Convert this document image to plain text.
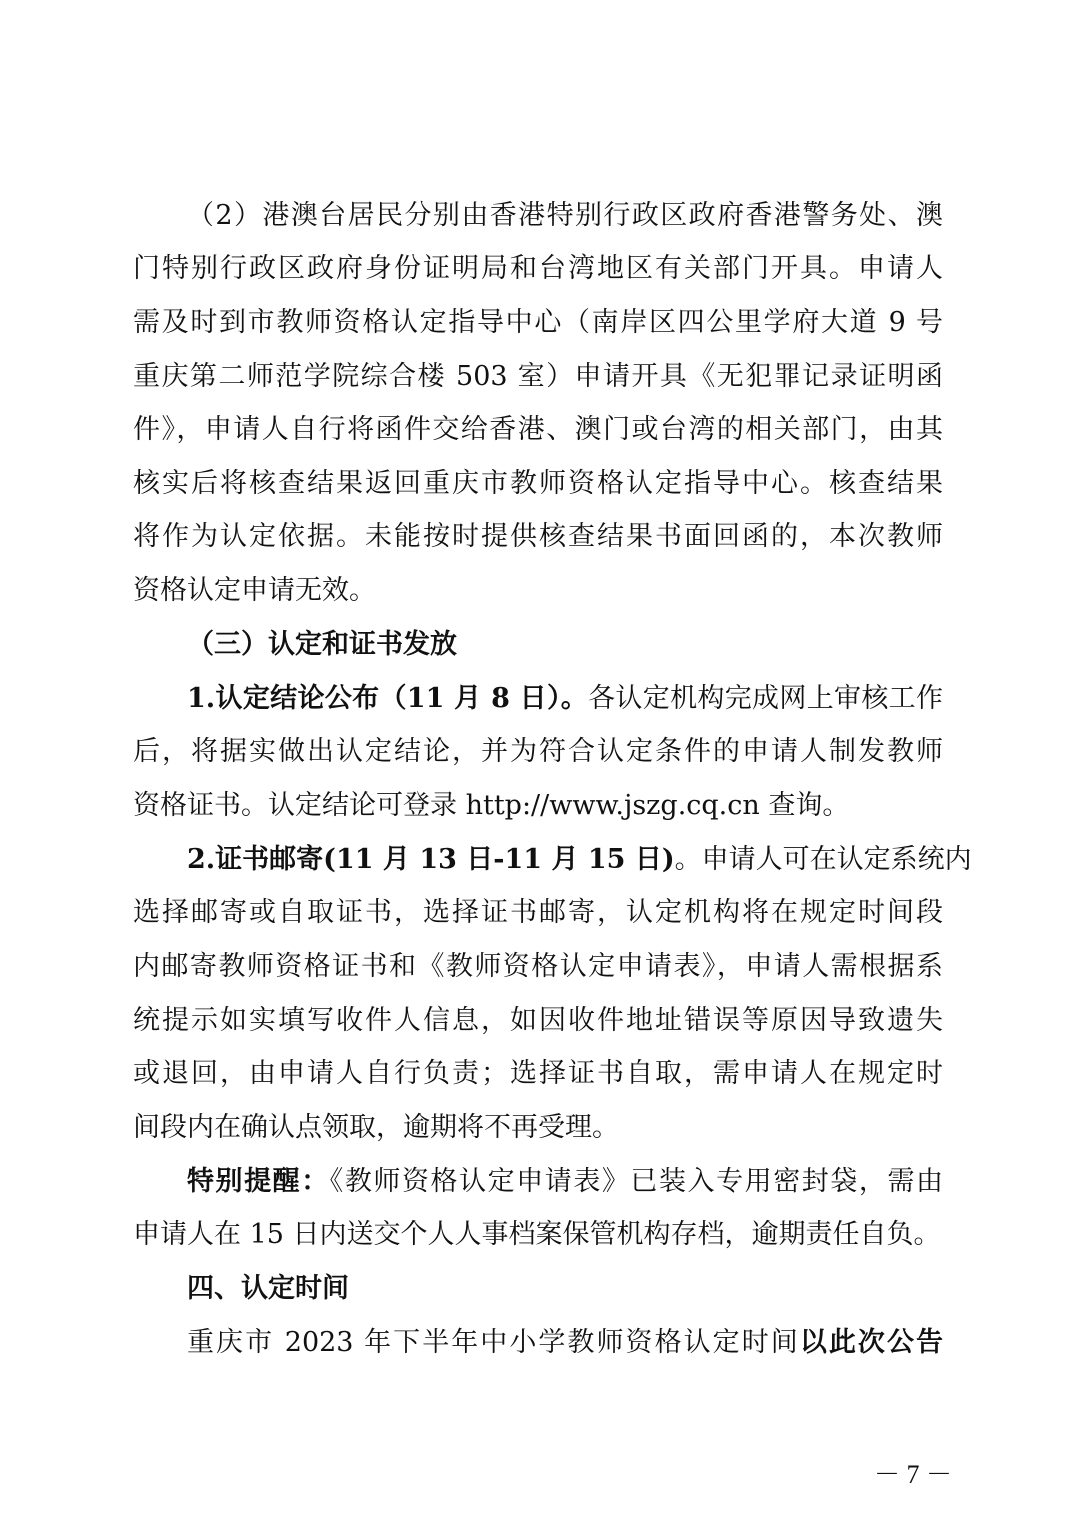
（2）港澳台居民分别由香港特别行政区政府香港警务处、澳
门特别行政区政府身份证明局和台湾地区有关部门开具。申请人
需及时到市教师资格认定指导中心（南岸区四公里学府大道 9 号
重庆第二师范学院综合楼 503 室）申请开具《无犯罪记录证明函
件》，申请人自行将函件交给香港、澳门或台湾的相关部门，由其
核实后将核查结果返回重庆市教师资格认定指导中心。核查结果
将作为认定依据。未能按时提供核查结果书面回函的，本次教师
资格认定申请无效。
（三）认定和证书发放
1.认定结论公布（11 月 8 日）。各认定机构完成网上审核工作
后，将据实做出认定结论，并为符合认定条件的申请人制发教师
资格证书。认定结论可登录 http://www.jszg.cq.cn 查询。
2.证书邮寄(11 月 13 日-11 月 15 日)。申请人可在认定系统内
选择邮寄或自取证书，选择证书邮寄，认定机构将在规定时间段
内邮寄教师资格证书和《教师资格认定申请表》，申请人需根据系
统提示如实填写收件人信息，如因收件地址错误等原因导致遗失
或退回，由申请人自行负责；选择证书自取，需申请人在规定时
间段内在确认点领取，逾期将不再受理。
特别提醒：《教师资格认定申请表》已装入专用密封袋，需由
申请人在 15 日内送交个人人事档案保管机构存档，逾期责任自负。
四、认定时间
重庆市 2023 年下半年中小学教师资格认定时间以此次公告
－ 7 －
